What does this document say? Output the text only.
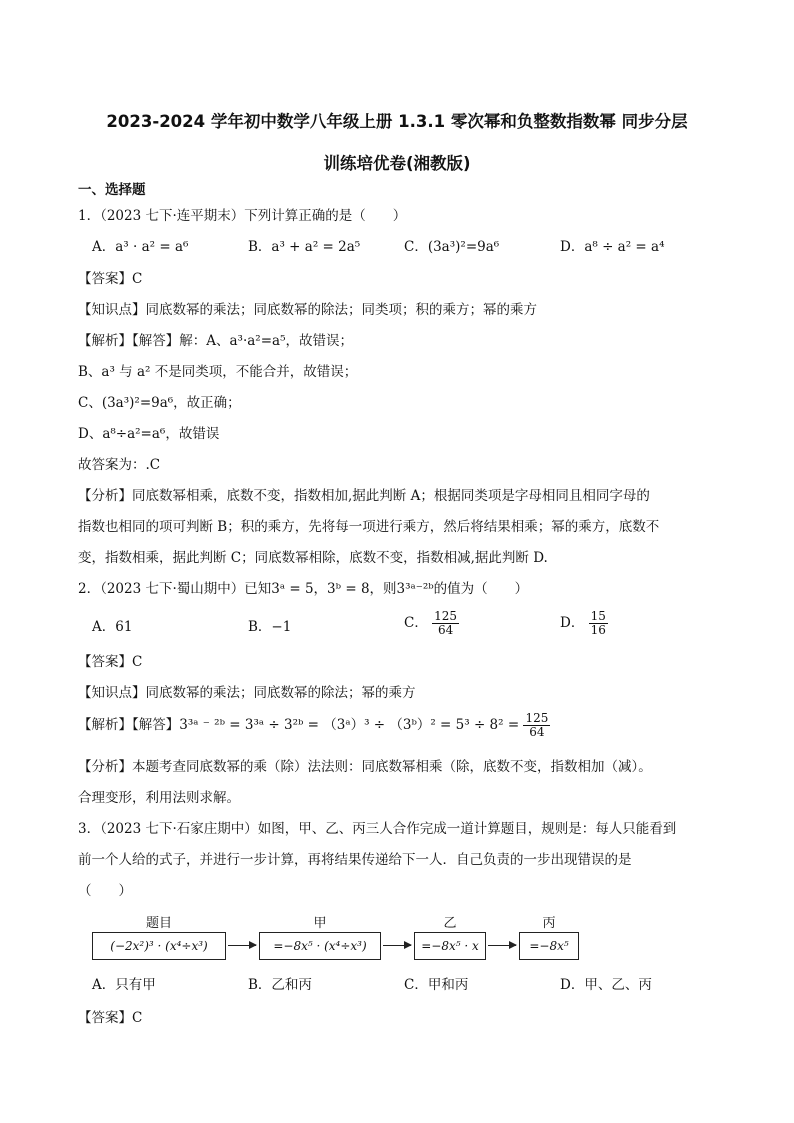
2023-2024 学年初中数学八年级上册 1.3.1 零次幂和负整数指数幂 同步分层
训练培优卷(湘教版)
一、选择题
1．（2023 七下·连平期末）下列计算正确的是（　　）
A．a³ · a² = a⁶	B．a³ + a² = 2a⁵	C．(3a³)²=9a⁶	D．a⁸ ÷ a² = a⁴
【答案】C
【知识点】同底数幂的乘法；同底数幂的除法；同类项；积的乘方；幂的乘方
【解析】【解答】解：A、a³·a²=a⁵，故错误；
B、a³ 与 a² 不是同类项，不能合并，故错误；
C、(3a³)²=9a⁶，故正确；
D、a⁸÷a²=a⁶，故错误
故答案为：.C
【分析】同底数幂相乘，底数不变，指数相加,据此判断 A；根据同类项是字母相同且相同字母的
指数也相同的项可判断 B；积的乘方，先将每一项进行乘方，然后将结果相乘；幂的乘方，底数不
变，指数相乘，据此判断 C；同底数幂相除，底数不变，指数相减,据此判断 D.
2．（2023 七下·蜀山期中）已知3ᵃ = 5，3ᵇ = 8，则3³ᵃ⁻²ᵇ的值为（　　）
A．61	B．−1	C． $\frac{125}{64}$	D． $\frac{15}{16}$
【答案】C
【知识点】同底数幂的乘法；同底数幂的除法；幂的乘方
【解析】【解答】3³ᵃ ⁻ ²ᵇ = 3³ᵃ ÷ 3²ᵇ = （3ᵃ）³ ÷ （3ᵇ）² = $5^3 \div 8^2 = \frac{125}{64}$
【分析】本题考查同底数幂的乘（除）法法则：同底数幂相乘（除，底数不变，指数相加（减）。
合理变形，利用法则求解。
3．（2023 七下·石家庄期中）如图，甲、乙、丙三人合作完成一道计算题目，规则是：每人只能看到
前一个人给的式子，并进行一步计算，再将结果传递给下一人．自己负责的一步出现错误的是
（　　）
题目
(−2x²)³ · (x⁴÷x³)
甲
=−8x⁵ · (x⁴÷x³)
乙
=−8x⁵ · x
丙
=−8x⁵
A．只有甲	B．乙和丙	C．甲和丙	D．甲、乙、丙
【答案】C
